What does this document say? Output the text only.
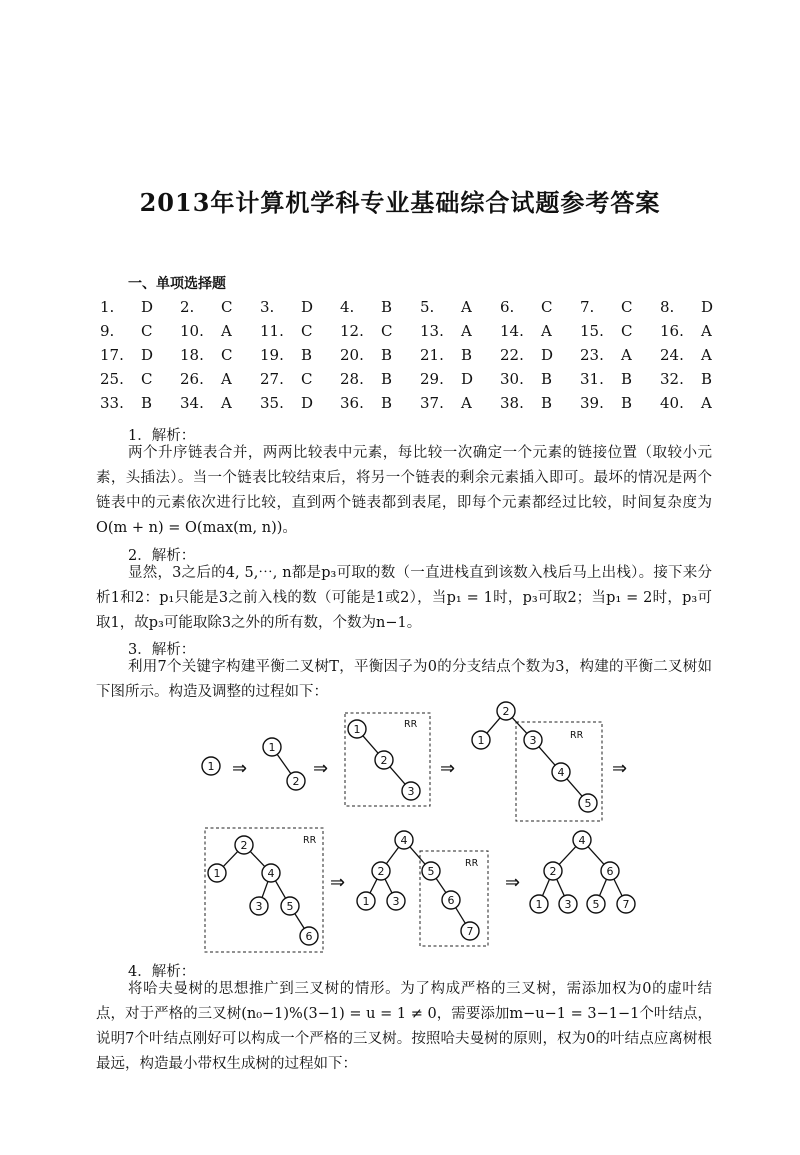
2013年计算机学科专业基础综合试题参考答案
一、单项选择题
1. D 2. C 3. D 4. B 5. A 6. C 7. C 8. D
9. C 10. A 11. C 12. C 13. A 14. A 15. C 16. A
17. D 18. C 19. B 20. B 21. B 22. D 23. A 24. A
25. C 26. A 27. C 28. B 29. D 30. B 31. B 32. B
33. B 34. A 35. D 36. B 37. A 38. B 39. B 40. A
1．解析：

两个升序链表合并，两两比较表中元素，每比较一次确定一个元素的链接位置（取较小元素，头插法）。当一个链表比较结束后，将另一个链表的剩余元素插入即可。最坏的情况是两个链表中的元素依次进行比较，直到两个链表都到表尾，即每个元素都经过比较，时间复杂度为O(m + n) = O(max(m, n))。

2．解析：

显然，3之后的4, 5,⋯, n都是p₃可取的数（一直进栈直到该数入栈后马上出栈）。接下来分析1和2：p₁只能是3之前入栈的数（可能是1或2），当p₁ = 1时，p₃可取2；当p₁ = 2时，p₃可取1，故p₃可能取除3之外的所有数，个数为n−1。

3．解析：

利用7个关键字构建平衡二叉树T，平衡因子为0的分支结点个数为3，构建的平衡二叉树如下图所示。构造及调整的过程如下：

1 ⇒
1
2
⇒
RR
1
2
3
⇒
RR
1
2
3
4
5
⇒
RR
1
2
3
4
5
6
⇒
RR
1
2
3
4
5
6
7
⇒
1
2
3
4
5
6
7
4．解析：

将哈夫曼树的思想推广到三叉树的情形。为了构成严格的三叉树，需添加权为0的虚叶结点，对于严格的三叉树(n₀−1)%(3−1) = u = 1 ≠ 0，需要添加m−u−1 = 3−1−1个叶结点，说明7个叶结点刚好可以构成一个严格的三叉树。按照哈夫曼树的原则，权为0的叶结点应离树根最远，构造最小带权生成树的过程如下：
